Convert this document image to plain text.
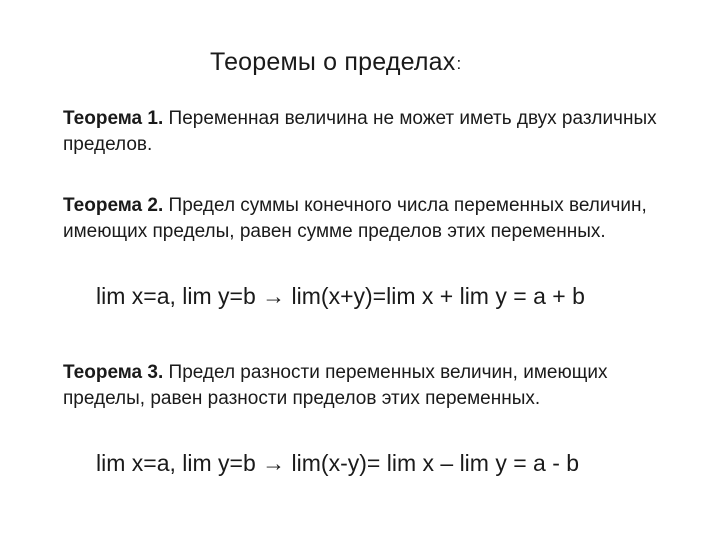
Теоремы о пределах:
Теорема 1. Переменная величина не может иметь двух различных пределов.
Теорема 2. Предел суммы конечного числа переменных величин, имеющих пределы, равен сумме пределов этих переменных.
lim x=a, lim y=b → lim(x+y)=lim x + lim y = a + b
Теорема 3. Предел разности переменных величин, имеющих пределы, равен разности пределов этих переменных.
lim x=a, lim y=b → lim(x-y)= lim x – lim y = a - b
